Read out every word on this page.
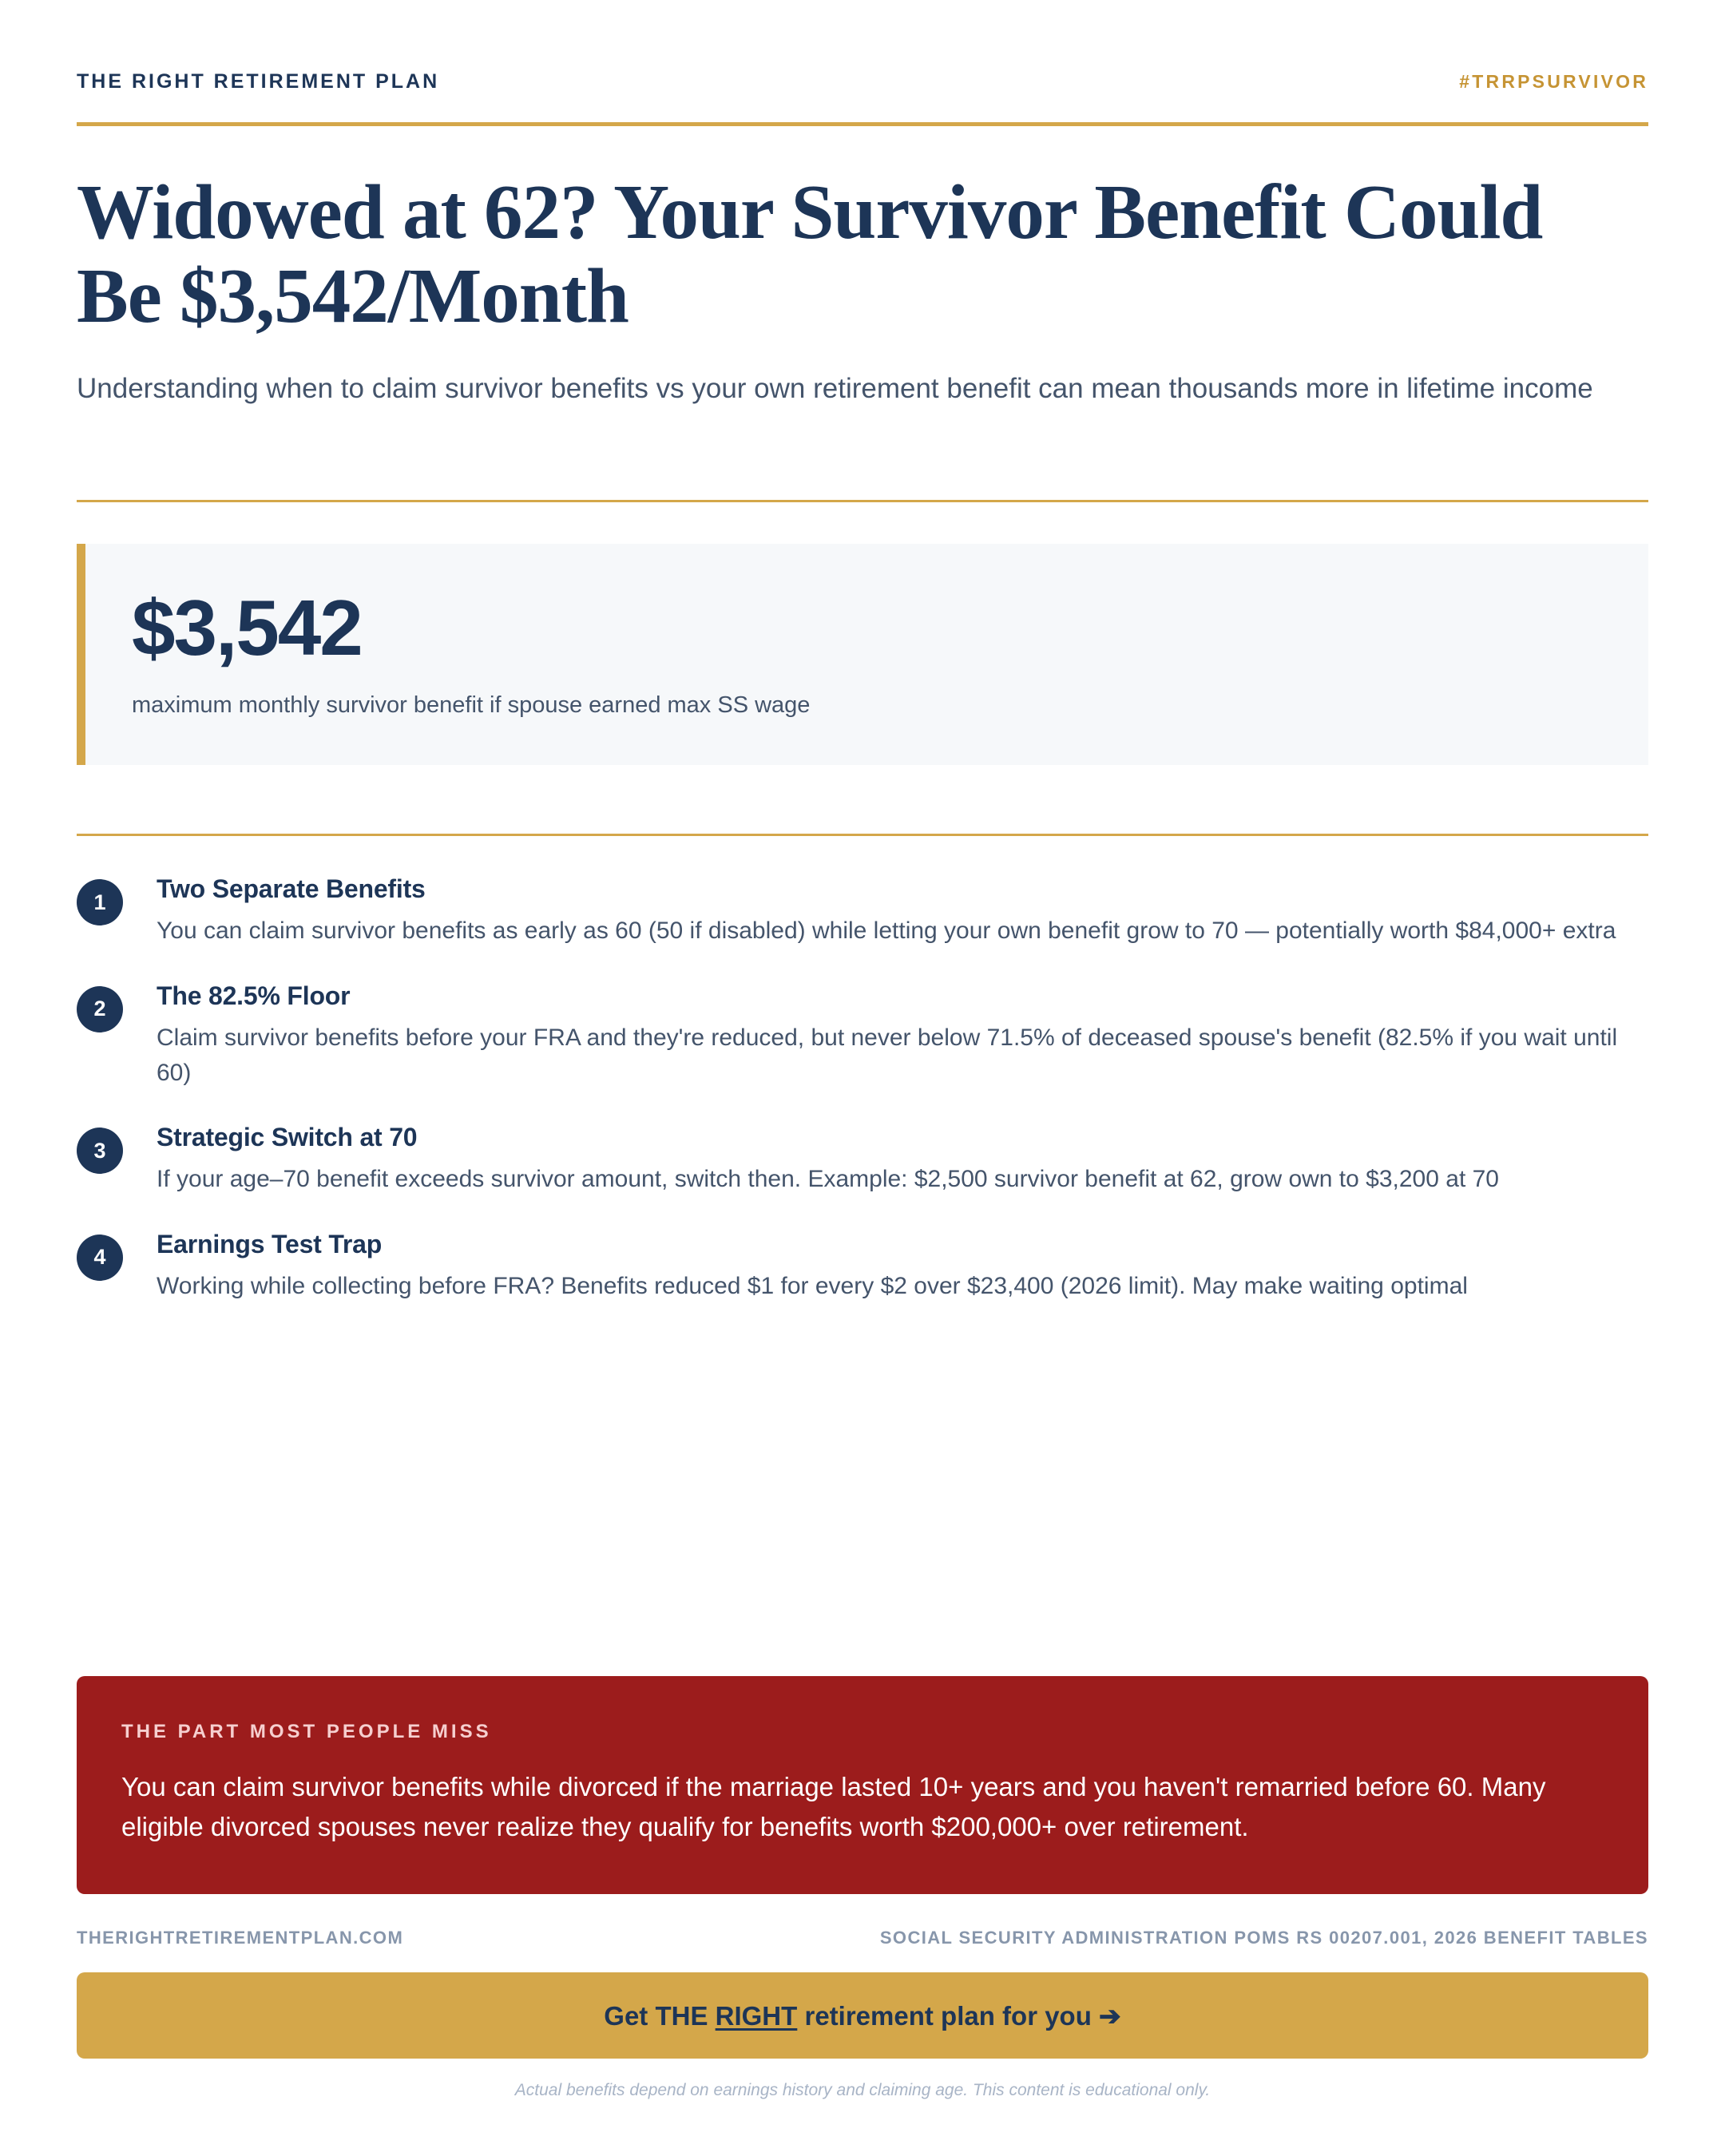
THE RIGHT RETIREMENT PLAN	#TRRPSURVIVOR
Widowed at 62? Your Survivor Benefit Could Be $3,542/Month

Understanding when to claim survivor benefits vs your own retirement benefit can mean thousands more in lifetime income

$3,542
maximum monthly survivor benefit if spouse earned max SS wage
1	Two Separate Benefits
You can claim survivor benefits as early as 60 (50 if disabled) while letting your own benefit grow to 70 — potentially worth $84,000+ extra
2	The 82.5% Floor
Claim survivor benefits before your FRA and they're reduced, but never below 71.5% of deceased spouse's benefit (82.5% if you wait until 60)
3	Strategic Switch at 70
If your age–70 benefit exceeds survivor amount, switch then. Example: $2,500 survivor benefit at 62, grow own to $3,200 at 70
4	Earnings Test Trap
Working while collecting before FRA? Benefits reduced $1 for every $2 over $23,400 (2026 limit). May make waiting optimal
THE PART MOST PEOPLE MISS
You can claim survivor benefits while divorced if the marriage lasted 10+ years and you haven't remarried before 60. Many eligible divorced spouses never realize they qualify for benefits worth $200,000+ over retirement.
THERIGHTRETIREMENTPLAN.COM	SOCIAL SECURITY ADMINISTRATION POMS RS 00207.001, 2026 BENEFIT TABLES
Get THE RIGHT retirement plan for you ➔
Actual benefits depend on earnings history and claiming age. This content is educational only.
